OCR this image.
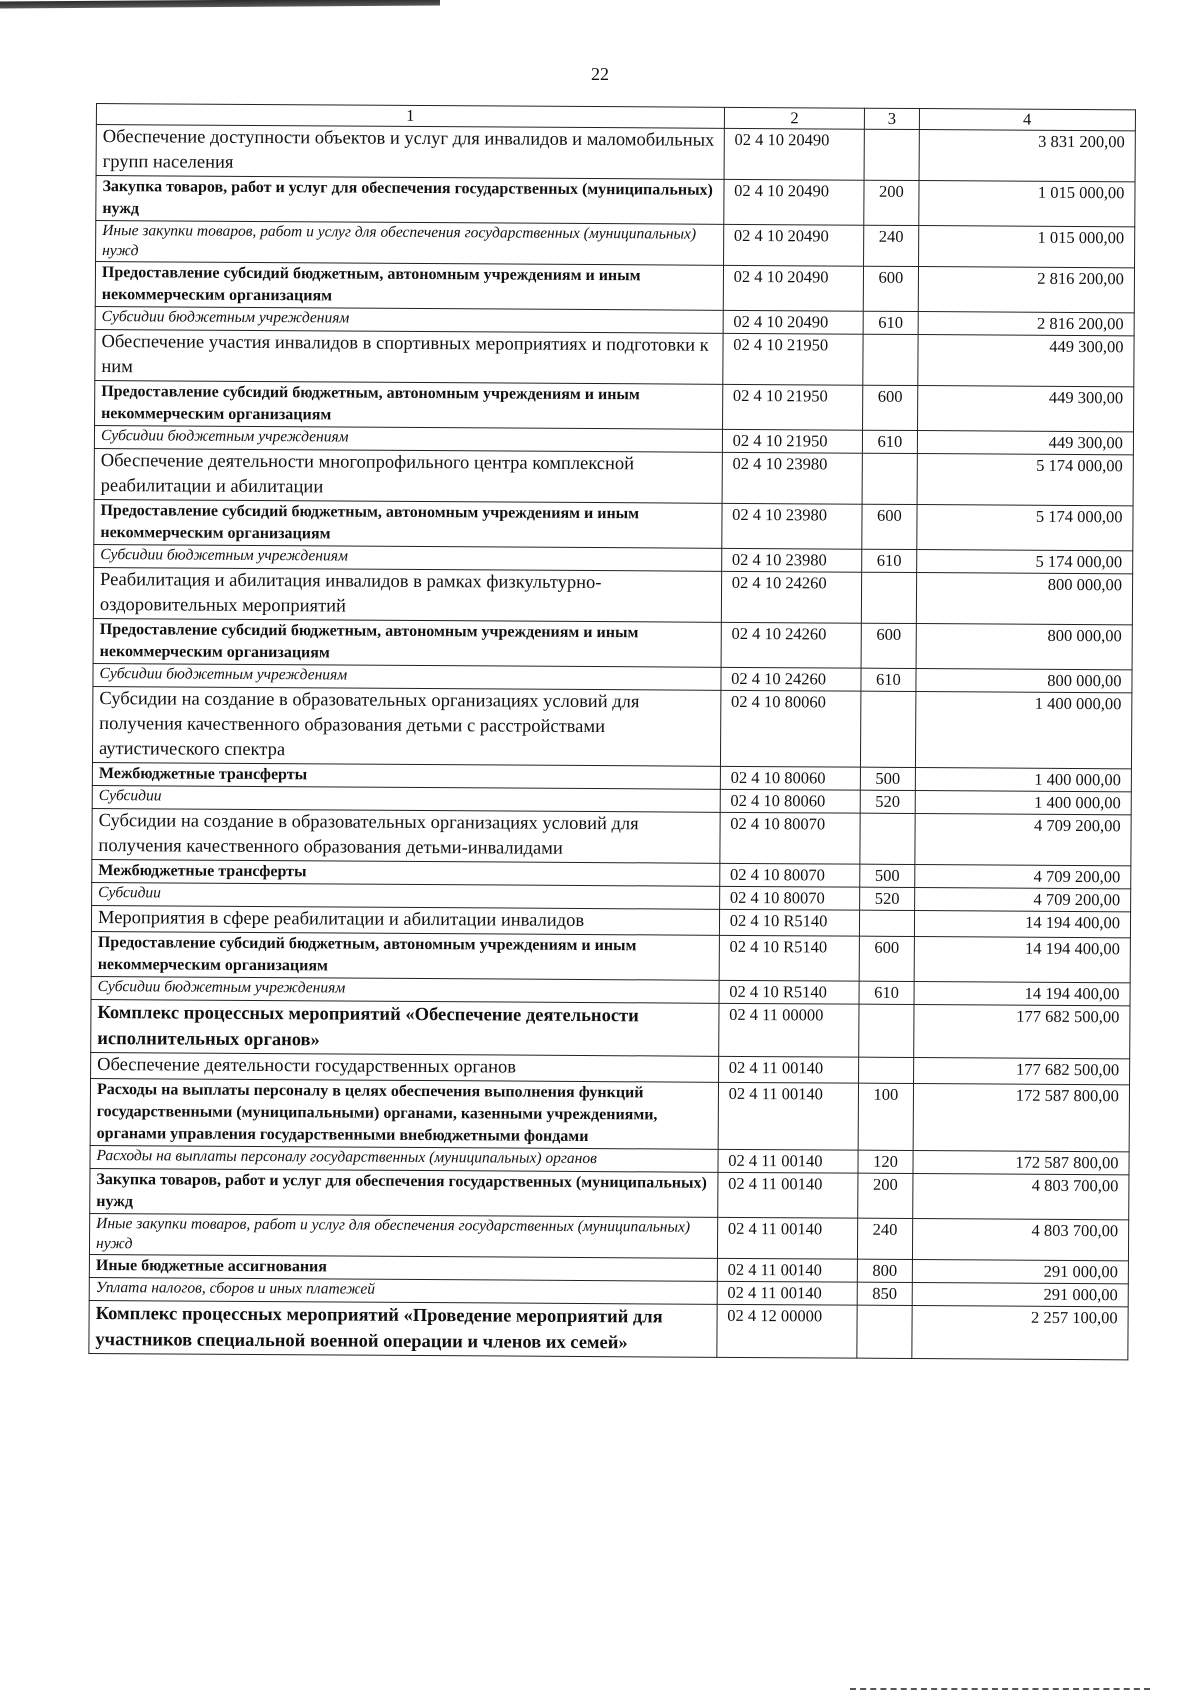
22
1	2	3	4
Обеспечение доступности объектов и услуг для инвалидов и маломобильных групп населения	02 4 10 20490		3 831 200,00
Закупка товаров, работ и услуг для обеспечения государственных (муниципальных) нужд	02 4 10 20490	200	1 015 000,00
Иные закупки товаров, работ и услуг для обеспечения государственных (муниципальных) нужд	02 4 10 20490	240	1 015 000,00
Предоставление субсидий бюджетным, автономным учреждениям и иным некоммерческим организациям	02 4 10 20490	600	2 816 200,00
Субсидии бюджетным учреждениям	02 4 10 20490	610	2 816 200,00
Обеспечение участия инвалидов в спортивных мероприятиях и подготовки к ним	02 4 10 21950		449 300,00
Предоставление субсидий бюджетным, автономным учреждениям и иным некоммерческим организациям	02 4 10 21950	600	449 300,00
Субсидии бюджетным учреждениям	02 4 10 21950	610	449 300,00
Обеспечение деятельности многопрофильного центра комплексной реабилитации и абилитации	02 4 10 23980		5 174 000,00
Предоставление субсидий бюджетным, автономным учреждениям и иным некоммерческим организациям	02 4 10 23980	600	5 174 000,00
Субсидии бюджетным учреждениям	02 4 10 23980	610	5 174 000,00
Реабилитация и абилитация инвалидов в рамках физкультурно-оздоровительных мероприятий	02 4 10 24260		800 000,00
Предоставление субсидий бюджетным, автономным учреждениям и иным некоммерческим организациям	02 4 10 24260	600	800 000,00
Субсидии бюджетным учреждениям	02 4 10 24260	610	800 000,00
Субсидии на создание в образовательных организациях условий для получения качественного образования детьми с расстройствами аутистического спектра	02 4 10 80060		1 400 000,00
Межбюджетные трансферты	02 4 10 80060	500	1 400 000,00
Субсидии	02 4 10 80060	520	1 400 000,00
Субсидии на создание в образовательных организациях условий для получения качественного образования детьми-инвалидами	02 4 10 80070		4 709 200,00
Межбюджетные трансферты	02 4 10 80070	500	4 709 200,00
Субсидии	02 4 10 80070	520	4 709 200,00
Мероприятия в сфере реабилитации и абилитации инвалидов	02 4 10 R5140		14 194 400,00
Предоставление субсидий бюджетным, автономным учреждениям и иным некоммерческим организациям	02 4 10 R5140	600	14 194 400,00
Субсидии бюджетным учреждениям	02 4 10 R5140	610	14 194 400,00
Комплекс процессных мероприятий «Обеспечение деятельности исполнительных органов»	02 4 11 00000		177 682 500,00
Обеспечение деятельности государственных органов	02 4 11 00140		177 682 500,00
Расходы на выплаты персоналу в целях обеспечения выполнения функций государственными (муниципальными) органами, казенными учреждениями, органами управления государственными внебюджетными фондами	02 4 11 00140	100	172 587 800,00
Расходы на выплаты персоналу государственных (муниципальных) органов	02 4 11 00140	120	172 587 800,00
Закупка товаров, работ и услуг для обеспечения государственных (муниципальных) нужд	02 4 11 00140	200	4 803 700,00
Иные закупки товаров, работ и услуг для обеспечения государственных (муниципальных) нужд	02 4 11 00140	240	4 803 700,00
Иные бюджетные ассигнования	02 4 11 00140	800	291 000,00
Уплата налогов, сборов и иных платежей	02 4 11 00140	850	291 000,00
Комплекс процессных мероприятий «Проведение мероприятий для участников специальной военной операции и членов их семей»	02 4 12 00000		2 257 100,00
